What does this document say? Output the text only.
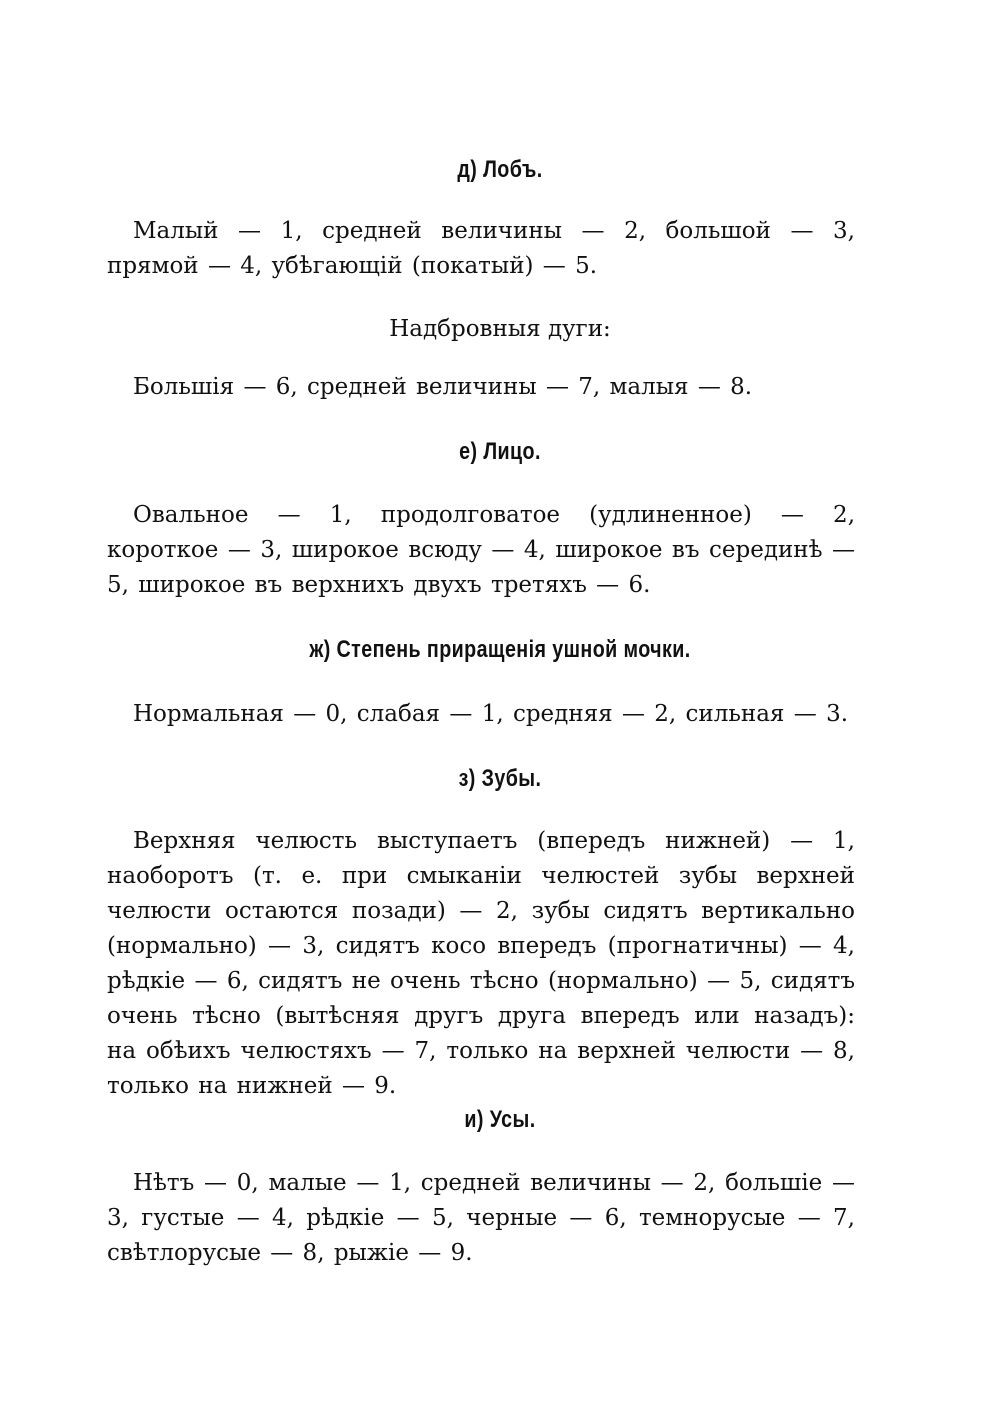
д) Лобъ.

Малый — 1, средней величины — 2, большой — 3, прямой — 4, убѣгающій (покатый) — 5.

Надбровныя дуги:

Большія — 6, средней величины — 7, малыя — 8.

е) Лицо.

Овальное — 1, продолговатое (удлиненное) — 2, короткое — 3, широкое всюду — 4, широкое въ серединѣ — 5, широкое въ верхнихъ двухъ третяхъ — 6.

ж) Степень приращенія ушной мочки.

Нормальная — 0, слабая — 1, средняя — 2, сильная — 3.

з) Зубы.

Верхняя челюсть выступаетъ (впередъ нижней) — 1, наоборотъ (т. е. при смыканіи челюстей зубы верхней челюсти остаются позади) — 2, зубы сидятъ вертикально (нормально) — 3, сидятъ косо впередъ (прогнатичны) — 4, рѣдкіе — 6, сидятъ не очень тѣсно (нормально) — 5, сидятъ очень тѣсно (вытѣсняя другъ друга впередъ или назадъ): на обѣихъ челюстяхъ — 7, только на верхней челюсти — 8, только на нижней — 9.

и) Усы.

Нѣтъ — 0, малые — 1, средней величины — 2, большіе — 3, густые — 4, рѣдкіе — 5, черные — 6, темнорусые — 7, свѣтлорусые — 8, рыжіе — 9.
